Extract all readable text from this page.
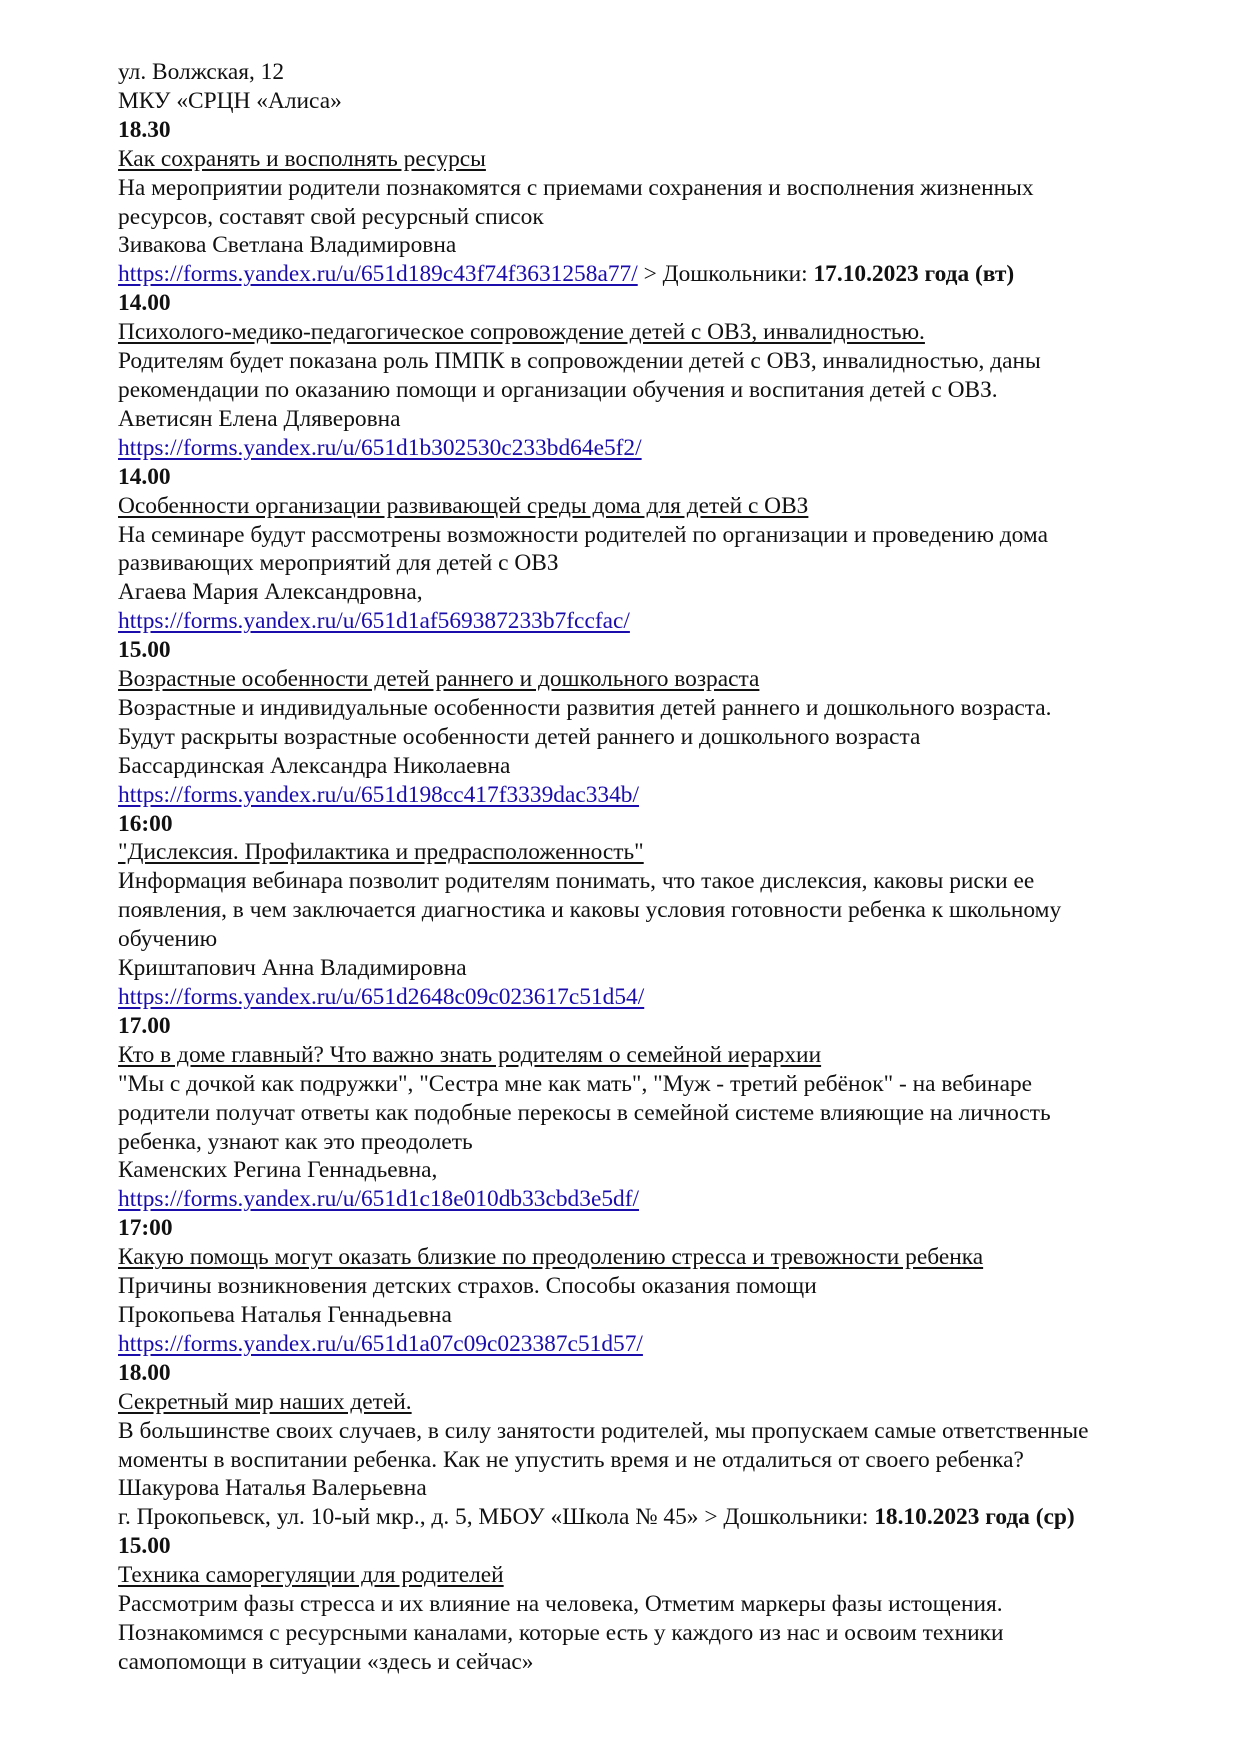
ул. Волжская, 12
МКУ «СРЦН «Алиса»
18.30
Как сохранять и восполнять ресурсы
На мероприятии родители познакомятся с приемами сохранения и восполнения жизненных
ресурсов, составят свой ресурсный список
Зивакова Светлана Владимировна
https://forms.yandex.ru/u/651d189c43f74f3631258a77/ > Дошкольники: 17.10.2023 года (вт)
14.00
Психолого-медико-педагогическое сопровождение детей с ОВЗ, инвалидностью.
Родителям будет показана роль ПМПК в сопровождении детей с ОВЗ, инвалидностью, даны
рекомендации по оказанию помощи и организации обучения и воспитания детей с ОВЗ.
Аветисян Елена Дляверовна
https://forms.yandex.ru/u/651d1b302530c233bd64e5f2/
14.00
Особенности организации развивающей среды дома для детей с ОВЗ
На семинаре будут рассмотрены возможности родителей по организации и проведению дома
развивающих мероприятий для детей с ОВЗ
Агаева Мария Александровна,
https://forms.yandex.ru/u/651d1af569387233b7fccfac/
15.00
Возрастные особенности детей раннего и дошкольного возраста
Возрастные и индивидуальные особенности развития детей раннего и дошкольного возраста.
Будут раскрыты возрастные особенности детей раннего и дошкольного возраста
Бассардинская Александра Николаевна
https://forms.yandex.ru/u/651d198cc417f3339dac334b/
16:00
"Дислексия. Профилактика и предрасположенность"
Информация вебинара позволит родителям понимать, что такое дислексия, каковы риски ее
появления, в чем заключается диагностика и каковы условия готовности ребенка к школьному
обучению
Криштапович Анна Владимировна
https://forms.yandex.ru/u/651d2648c09c023617c51d54/
17.00
Кто в доме главный? Что важно знать родителям о семейной иерархии
"Мы с дочкой как подружки", "Сестра мне как мать", "Муж - третий ребёнок" - на вебинаре
родители получат ответы как подобные перекосы в семейной системе влияющие на личность
ребенка, узнают как это преодолеть
Каменских Регина Геннадьевна,
https://forms.yandex.ru/u/651d1c18e010db33cbd3e5df/
17:00
Какую помощь могут оказать близкие по преодолению стресса и тревожности ребенка
Причины возникновения детских страхов. Способы оказания помощи
Прокопьева Наталья Геннадьевна
https://forms.yandex.ru/u/651d1a07c09c023387c51d57/
18.00
Секретный мир наших детей.
В большинстве своих случаев, в силу занятости родителей, мы пропускаем самые ответственные
моменты в воспитании ребенка. Как не упустить время и не отдалиться от своего ребенка?
Шакурова Наталья Валерьевна
г. Прокопьевск, ул. 10-ый мкр., д. 5, МБОУ «Школа № 45» > Дошкольники: 18.10.2023 года (ср)
15.00
Техника саморегуляции для родителей
Рассмотрим фазы стресса и их влияние на человека, Отметим маркеры фазы истощения.
Познакомимся с ресурсными каналами, которые есть у каждого из нас и освоим техники
самопомощи в ситуации «здесь и сейчас»
